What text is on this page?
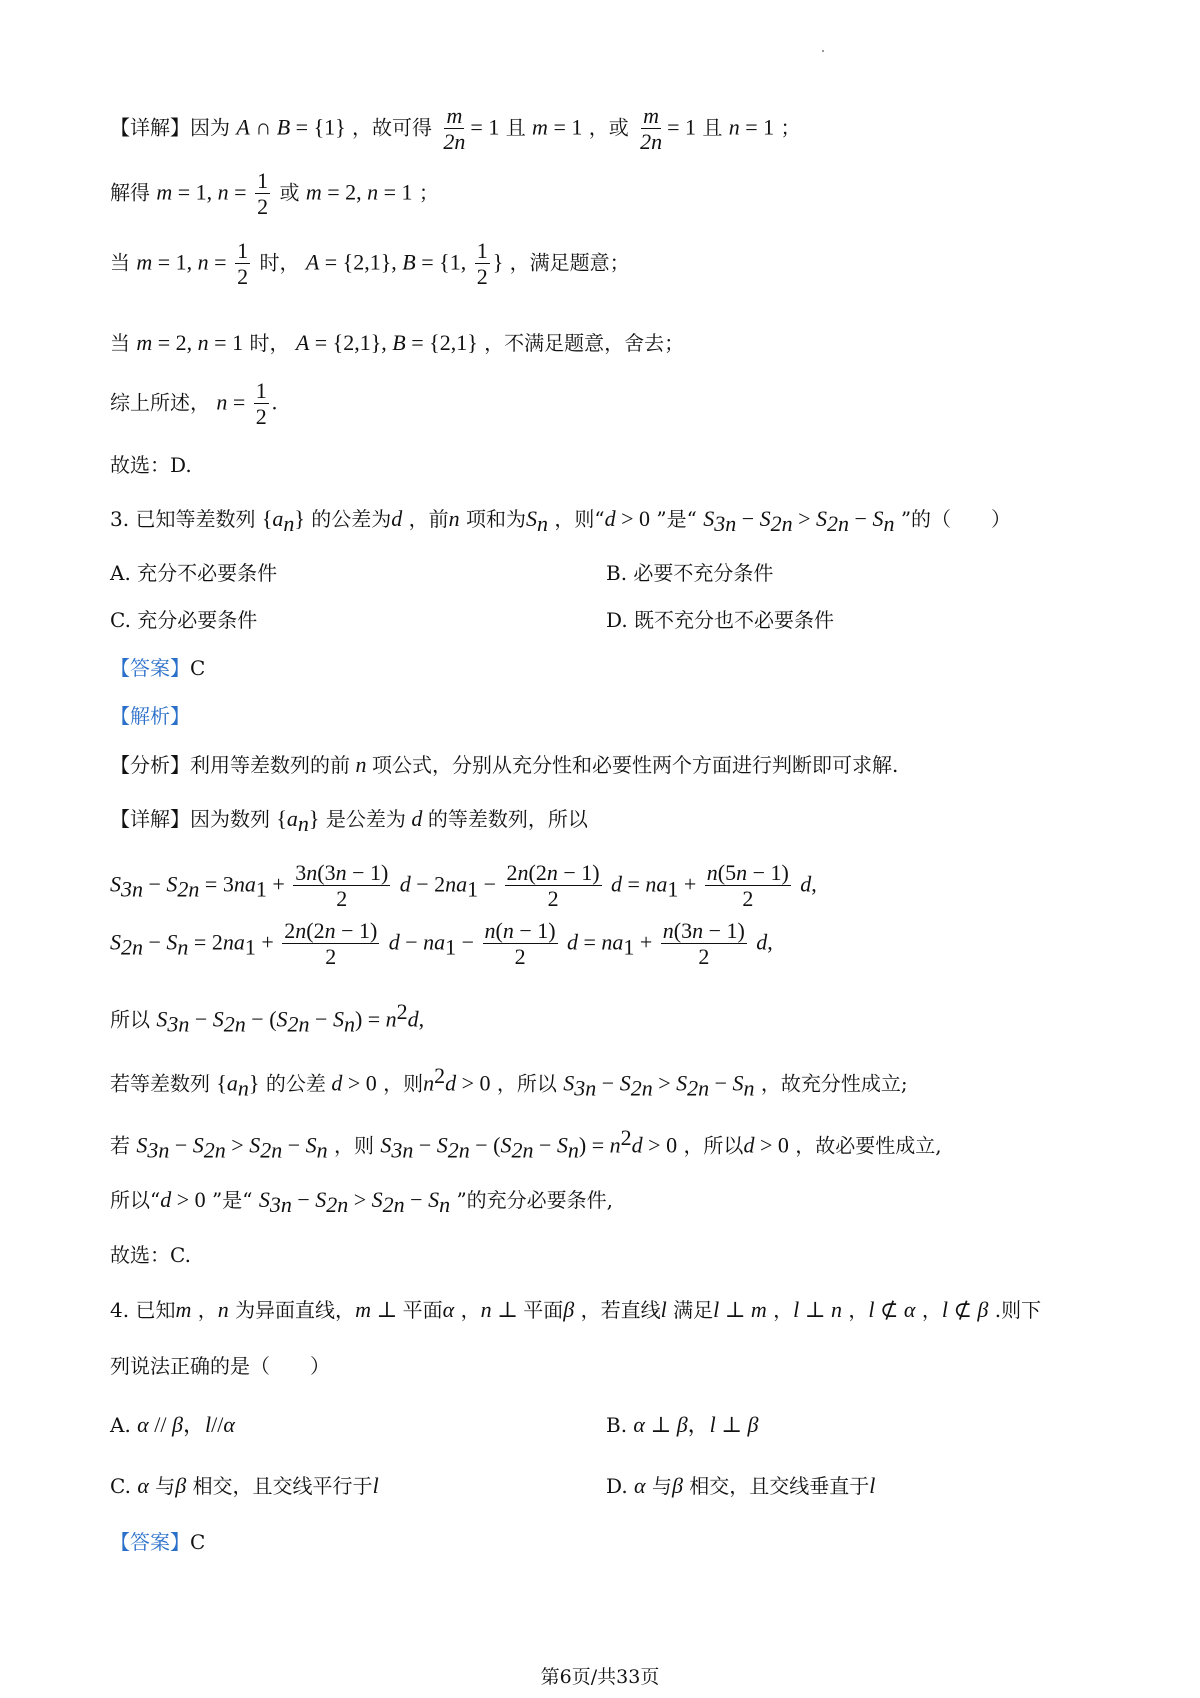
【详解】因为 A ∩ B = {1} ，故可得 $\frac{m}{2n} = 1$ 且 m = 1 ，或 $\frac{m}{2n} = 1$ 且 n = 1 ；
解得 m = 1, $n = \frac{1}{2}$ 或 m = 2, n = 1 ；
当 m = 1, $n = \frac{1}{2}$ 时， A = {2,1}, B = {1, $\frac{1}{2}$ } ，满足题意；
当 m = 2, n = 1 时， A = {2,1}, B = {2,1} ，不满足题意，舍去；
综上所述， $n = \frac{1}{2}$ .
故选：D.
3. 已知等差数列 $\{a_n\}$ 的公差为d ，前n 项和为$S_n$ ，则“d > 0 ”是“ $S_{3n} - S_{2n} > S_{2n} - S_n$ ”的（　　）
A. 充分不必要条件	B. 必要不充分条件
C. 充分必要条件	D. 既不充分也不必要条件
【答案】C
【解析】
【分析】利用等差数列的前 n 项公式，分别从充分性和必要性两个方面进行判断即可求解.
【详解】因为数列 $\{a_n\}$ 是公差为 d 的等差数列，所以
$S_{3n} - S_{2n} = 3na_1 + \frac{3n(3n - 1)}{2}$ $d - 2na_1 - \frac{2n(2n - 1)}{2}$ $d = na_1 + \frac{n(5n - 1)}{2} d$,
$S_{2n} - S_n = 2na_1 + \frac{2n(2n - 1)}{2}$ $d - na_1 - \frac{n(n - 1)}{2}$ $d = na_1 + \frac{n(3n - 1)}{2} d$,
所以 $S_{3n} - S_{2n} - (S_{2n} - S_n) = n^2d$,
若等差数列 $\{a_n\}$ 的公差 d > 0 ，则$n^2d > 0$ ，所以 $S_{3n} - S_{2n} > S_{2n} - S_n$ ，故充分性成立;
若 $S_{3n} - S_{2n} > S_{2n} - S_n$ ，则 $S_{3n} - S_{2n} - (S_{2n} - S_n) = n^2d > 0$ ，所以d > 0 ，故必要性成立,
所以“d > 0 ”是“ $S_{3n} - S_{2n} > S_{2n} - S_n$ ”的充分必要条件,
故选：C.
4. 已知m ，n 为异面直线，m ⊥ 平面α ，n ⊥ 平面β ，若直线l 满足l ⊥ m ，l ⊥ n ，l ⊄ α ，l ⊄ β .则下
列说法正确的是（　　）
A. α // β，l//α	B. α ⊥ β，l ⊥ β
C. α 与β 相交，且交线平行于l	D. α 与β 相交，且交线垂直于l
【答案】C
第6页/共33页
